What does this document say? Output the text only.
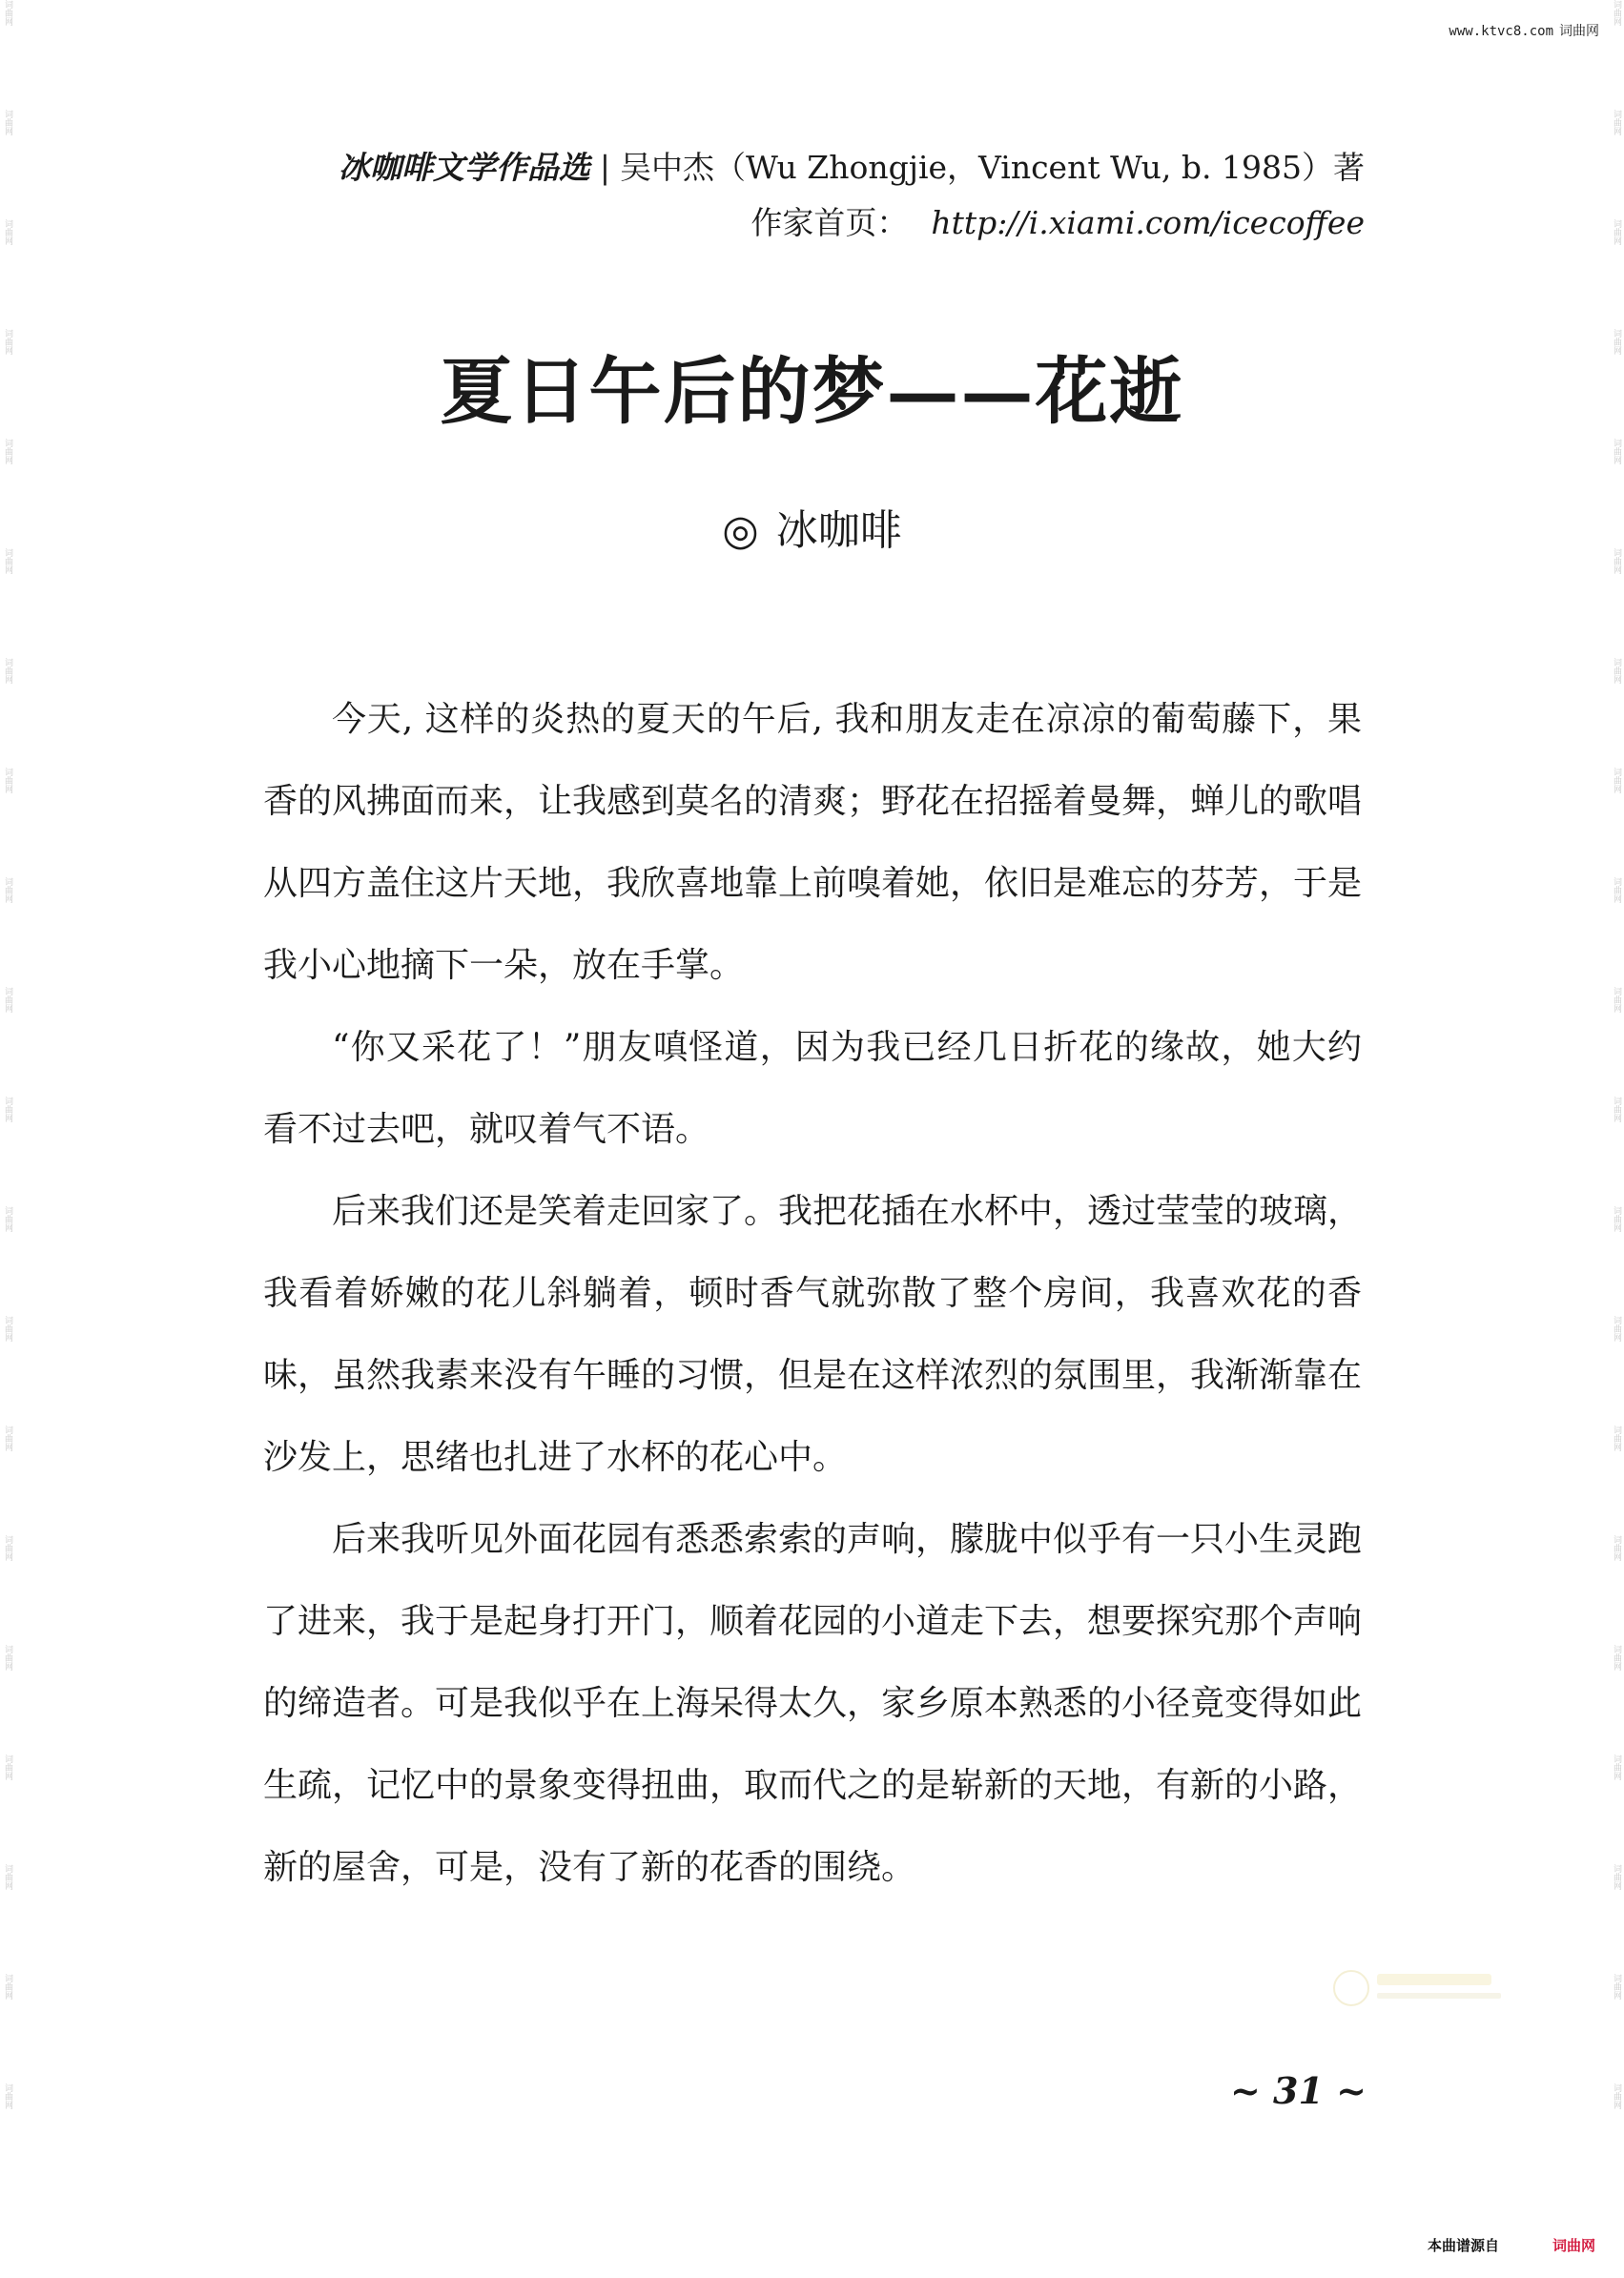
词曲网
词曲网
词曲网
词曲网
词曲网
词曲网
词曲网
词曲网
词曲网
词曲网
词曲网
词曲网
词曲网
词曲网
词曲网
词曲网
词曲网
词曲网
词曲网
词曲网
词曲网
词曲网
词曲网
词曲网
词曲网
词曲网
词曲网
词曲网
词曲网
词曲网
词曲网
词曲网
词曲网
词曲网
词曲网
词曲网
词曲网
词曲网
词曲网
词曲网
www.ktvc8.com 词曲网
冰咖啡文学作品选 | 吴中杰（Wu Zhongjie，Vincent Wu, b. 1985）著
作家首页： http://i.xiami.com/icecoffee
夏日午后的梦——花逝
◎ 冰咖啡

今天, 这样的炎热的夏天的午后, 我和朋友走在凉凉的葡萄藤下，果香的风拂面而来，让我感到莫名的清爽；野花在招摇着曼舞，蝉儿的歌唱从四方盖住这片天地，我欣喜地靠上前嗅着她，依旧是难忘的芬芳，于是我小心地摘下一朵，放在手掌。

“你又采花了！”朋友嗔怪道，因为我已经几日折花的缘故，她大约看不过去吧，就叹着气不语。

后来我们还是笑着走回家了。我把花插在水杯中，透过莹莹的玻璃，我看着娇嫩的花儿斜躺着，顿时香气就弥散了整个房间，我喜欢花的香味，虽然我素来没有午睡的习惯，但是在这样浓烈的氛围里，我渐渐靠在沙发上，思绪也扎进了水杯的花心中。

后来我听见外面花园有悉悉索索的声响，朦胧中似乎有一只小生灵跑了进来，我于是起身打开门，顺着花园的小道走下去，想要探究那个声响的缔造者。可是我似乎在上海呆得太久，家乡原本熟悉的小径竟变得如此生疏，记忆中的景象变得扭曲，取而代之的是崭新的天地，有新的小路，新的屋舍，可是，没有了新的花香的围绕。

~ 31 ~
本曲谱源自	词曲网
